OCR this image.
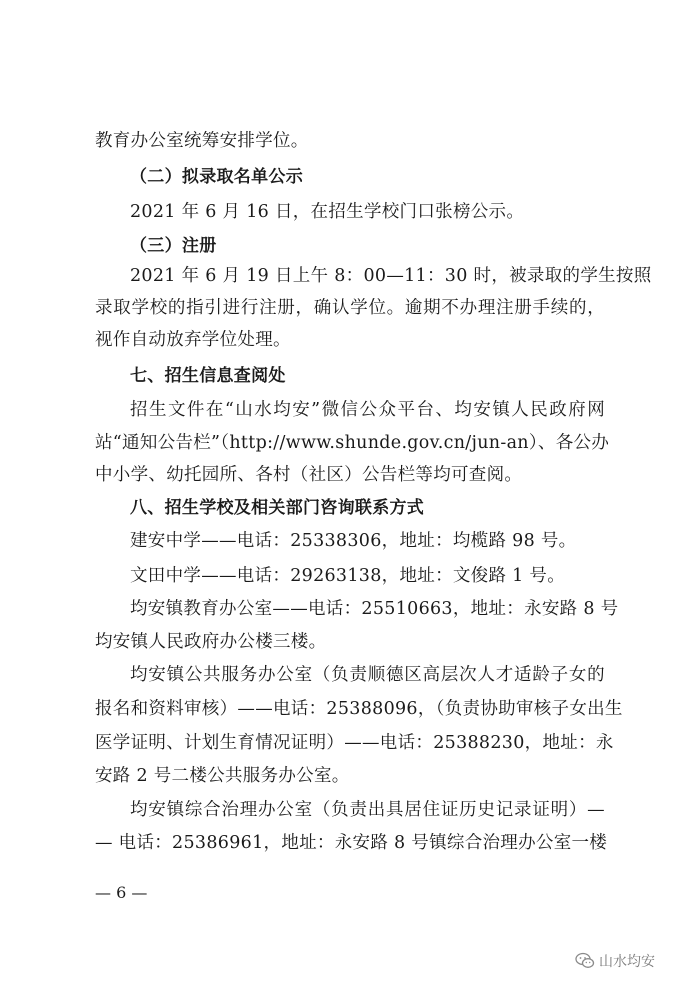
教育办公室统筹安排学位。

（二）拟录取名单公示

2021 年 6 月 16 日，在招生学校门口张榜公示。

（三）注册

2021 年 6 月 19 日上午 8：00—11：30 时，被录取的学生按照

录取学校的指引进行注册，确认学位。逾期不办理注册手续的，

视作自动放弃学位处理。

七、招生信息查阅处

招生文件在“山水均安”微信公众平台、均安镇人民政府网

站“通知公告栏”（http://www.shunde.gov.cn/jun-an）、各公办

中小学、幼托园所、各村（社区）公告栏等均可查阅。

八、招生学校及相关部门咨询联系方式

建安中学——电话：25338306，地址：均榄路 98 号。

文田中学——电话：29263138，地址：文俊路 1 号。

均安镇教育办公室——电话：25510663，地址：永安路 8 号

均安镇人民政府办公楼三楼。

均安镇公共服务办公室（负责顺德区高层次人才适龄子女的

报名和资料审核）——电话：25388096，（负责协助审核子女出生

医学证明、计划生育情况证明）——电话：25388230，地址：永

安路 2 号二楼公共服务办公室。

均安镇综合治理办公室（负责出具居住证历史记录证明）—

— 电话：25386961，地址：永安路 8 号镇综合治理办公室一楼

— 6 —
山水均安
